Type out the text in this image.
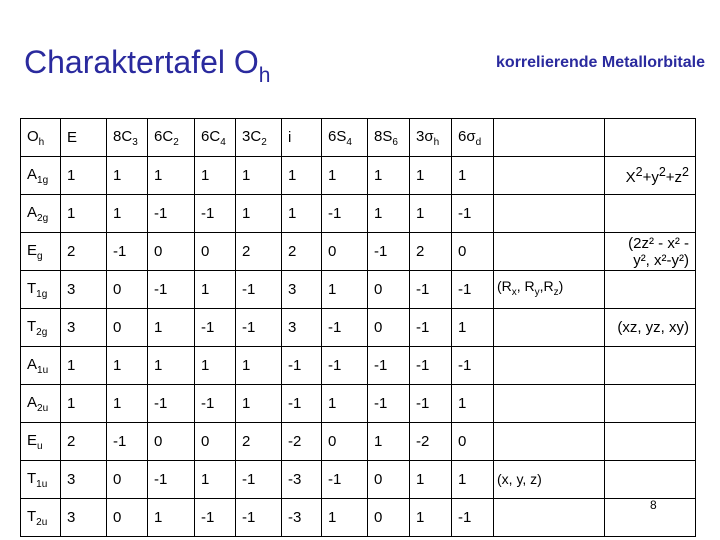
Charaktertafel $O_h$
korrelierende Metallorbitale
$O_h$	E	$8C_3$	$6C_2$	$6C_4$	$3C_2$	i	$6S_4$	$8S_6$	$3\sigma_h$	$6\sigma_d$		
$A_{1g}$	1	1	1	1	1	1	1	1	1	1		$X^2+y^2+z^2$
$A_{2g}$	1	1	-1	-1	1	1	-1	1	1	-1		
$E_g$	2	-1	0	0	2	2	0	-1	2	0		(2z² - x² -
y², x²-y²)

$T_{1g}$	3	0	-1	1	-1	3	1	0	-1	-1	($R_x$, $R_y,R_z$)	
$T_{2g}$	3	0	1	-1	-1	3	-1	0	-1	1		(xz, yz, xy)
$A_{1u}$	1	1	1	1	1	-1	-1	-1	-1	-1		
$A_{2u}$	1	1	-1	-1	1	-1	1	-1	-1	1		
$E_u$	2	-1	0	0	2	-2	0	1	-2	0		
$T_{1u}$	3	0	-1	1	-1	-3	-1	0	1	1	(x, y, z)	
$T_{2u}$	3	0	1	-1	-1	-3	1	0	1	-1		
8
